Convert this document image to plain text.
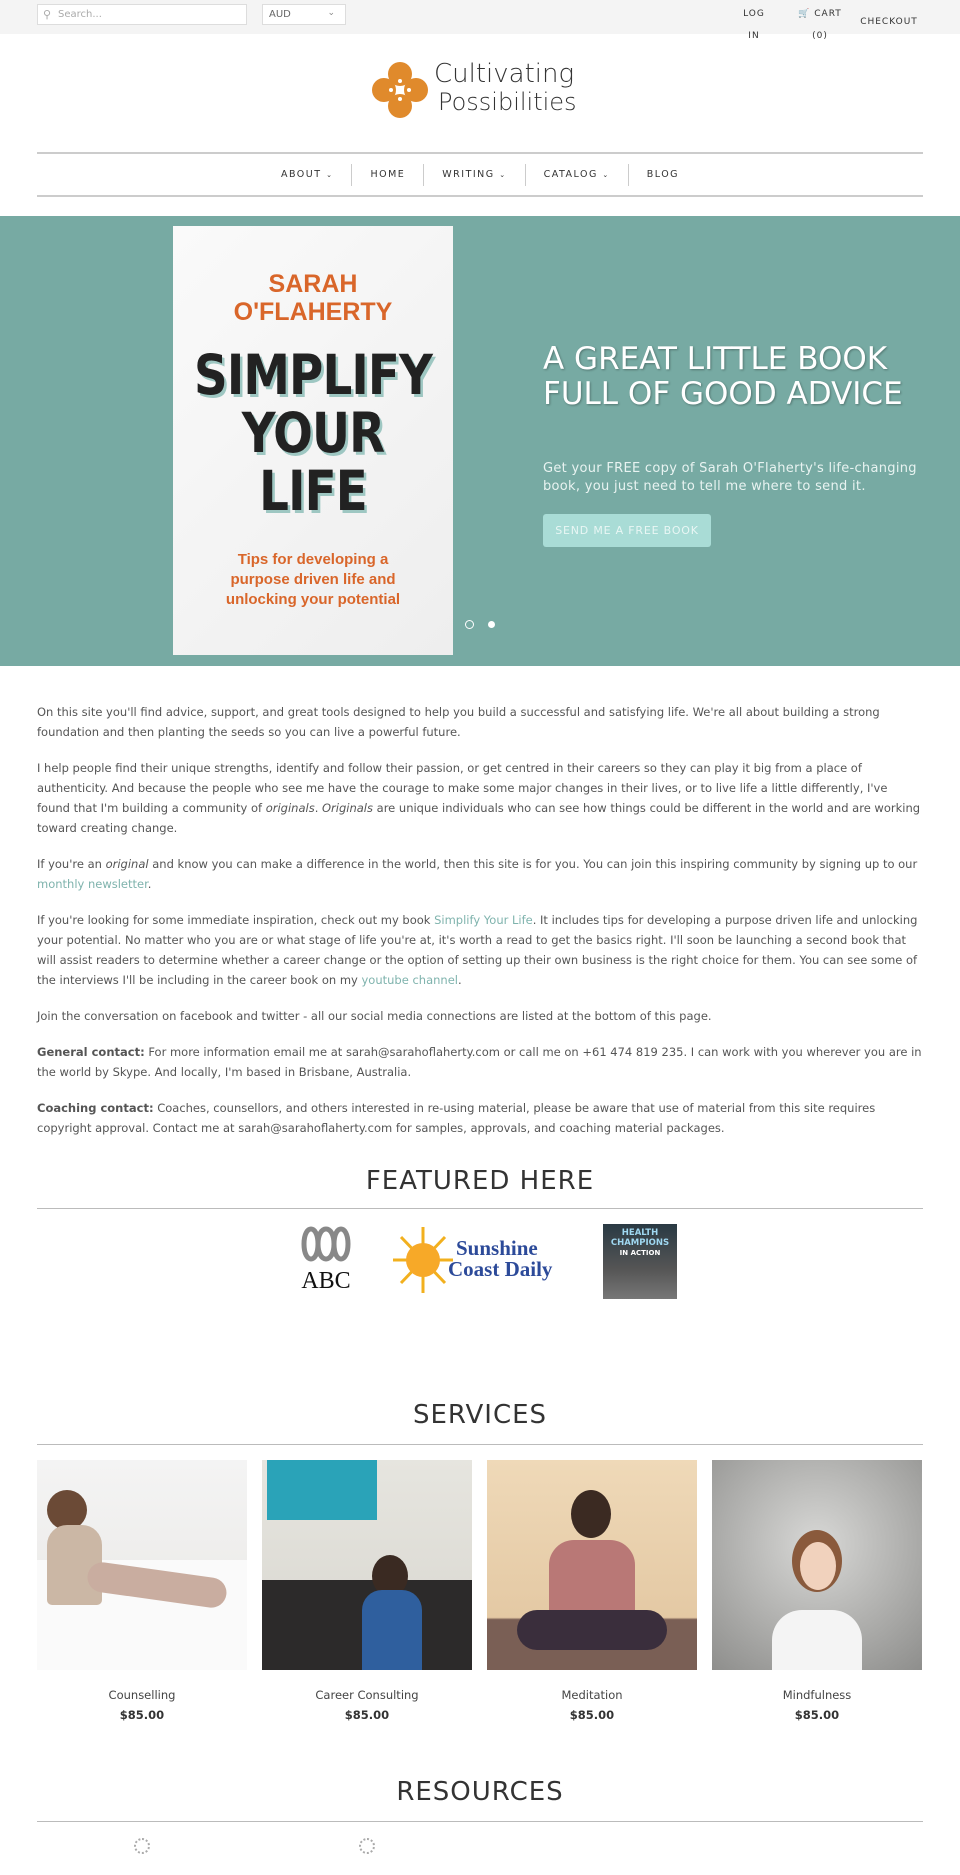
⚲ Search...	AUD	⌄	LOG IN
🛒 CART
(0)
CHECKOUT
Cultivating
Possibilities
ABOUT ⌄	HOME	WRITING ⌄	CATALOG ⌄	BLOG
SARAH O'FLAHERTY
SIMPLIFY
YOUR
LIFE
Tips for developing a purpose driven life and unlocking your potential
A GREAT LITTLE BOOK FULL OF GOOD ADVICE
Get your FREE copy of Sarah O'Flaherty's life-changing book, you just need to tell me where to send it.
SEND ME A FREE BOOK

On this site you'll find advice, support, and great tools designed to help you build a successful and satisfying life. We're all about building a strong foundation and then planting the seeds so you can live a powerful future.

I help people find their unique strengths, identify and follow their passion, or get centred in their careers so they can play it big from a place of authenticity. And because the people who see me have the courage to make some major changes in their lives, or to live life a little differently, I've found that I'm building a community of originals. Originals are unique individuals who can see how things could be different in the world and are working toward creating change.

If you're an original and know you can make a difference in the world, then this site is for you. You can join this inspiring community by signing up to our monthly newsletter.

If you're looking for some immediate inspiration, check out my book Simplify Your Life. It includes tips for developing a purpose driven life and unlocking your potential. No matter who you are or what stage of life you're at, it's worth a read to get the basics right. I'll soon be launching a second book that will assist readers to determine whether a career change or the option of setting up their own business is the right choice for them. You can see some of the interviews I'll be including in the career book on my youtube channel.

Join the conversation on facebook and twitter - all our social media connections are listed at the bottom of this page.

General contact: For more information email me at sarah@sarahoflaherty.com or call me on +61 474 819 235. I can work with you wherever you are in the world by Skype. And locally, I'm based in Brisbane, Australia.

Coaching contact: Coaches, counsellors, and others interested in re-using material, please be aware that use of material from this site requires copyright approval. Contact me at sarah@sarahoflaherty.com for samples, approvals, and coaching material packages.

FEATURED HERE
ABC
Sunshine
Coast Daily
HEALTH
CHAMPIONS
IN ACTION
SERVICES
Counselling
$85.00
Career Consulting
$85.00
Meditation
$85.00
Mindfulness
$85.00
RESOURCES
